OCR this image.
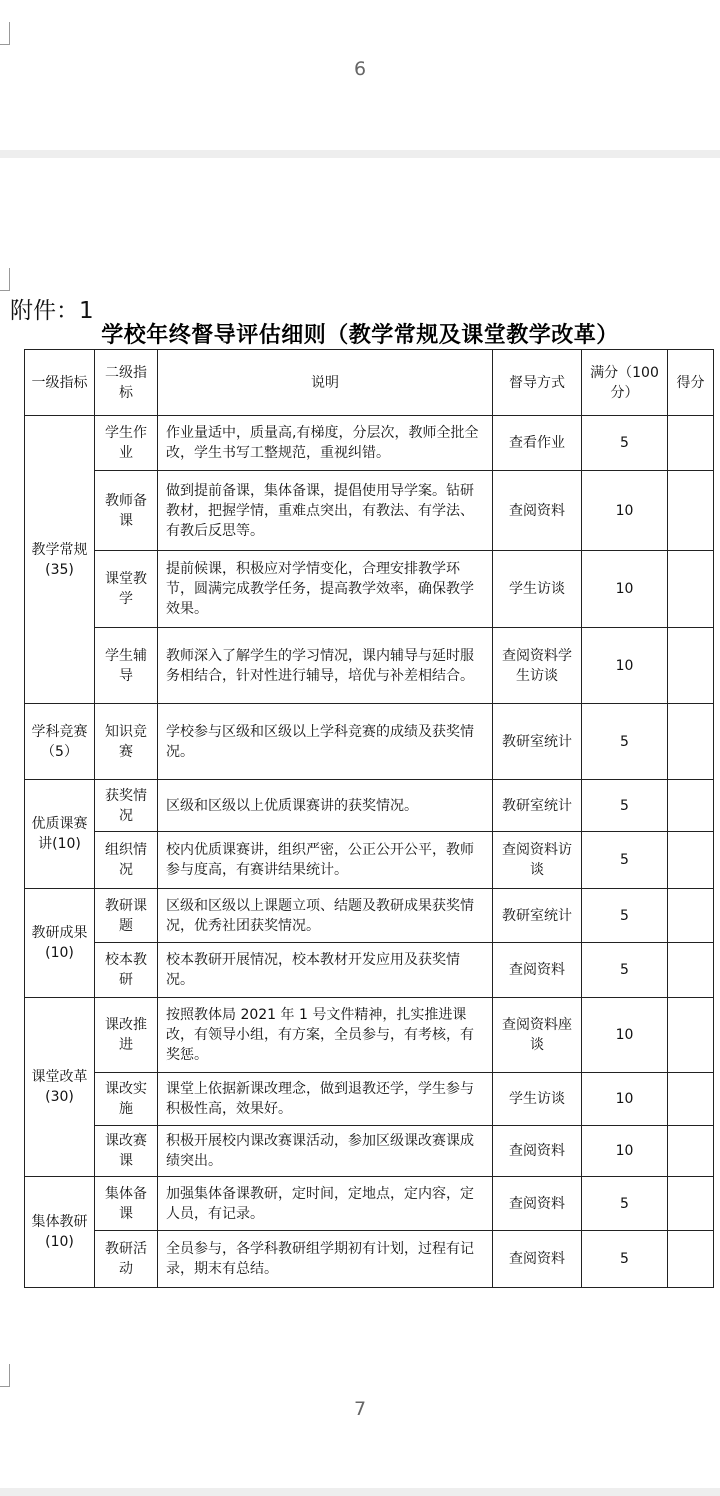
6
附件：1
学校年终督导评估细则（教学常规及课堂教学改革）
一级指标	二级指标	说明	督导方式	满分（100分）	得分
教学常规(35)	学生作业	作业量适中，质量高,有梯度，分层次，教师全批全改，学生书写工整规范，重视纠错。	查看作业	5	
	教师备课	做到提前备课，集体备课，提倡使用导学案。钻研教材，把握学情，重难点突出，有教法、有学法、有教后反思等。	查阅资料	10	
	课堂教学	提前候课，积极应对学情变化，合理安排教学环节，圆满完成教学任务，提高教学效率，确保教学效果。	学生访谈	10	
	学生辅导	教师深入了解学生的学习情况，课内辅导与延时服务相结合，针对性进行辅导，培优与补差相结合。	查阅资料学生访谈	10	
学科竞赛（5）	知识竞赛	学校参与区级和区级以上学科竞赛的成绩及获奖情况。	教研室统计	5	
优质课赛讲(10)	获奖情况	区级和区级以上优质课赛讲的获奖情况。	教研室统计	5	
	组织情况	校内优质课赛讲，组织严密，公正公开公平，教师参与度高，有赛讲结果统计。	查阅资料访谈	5	
教研成果(10)	教研课题	区级和区级以上课题立项、结题及教研成果获奖情况，优秀社团获奖情况。	教研室统计	5	
	校本教研	校本教研开展情况，校本教材开发应用及获奖情况。	查阅资料	5	
课堂改革(30)	课改推进	按照教体局 2021 年 1 号文件精神，扎实推进课改，有领导小组，有方案，全员参与，有考核，有奖惩。	查阅资料座谈	10	
	课改实施	课堂上依据新课改理念，做到退教还学，学生参与积极性高，效果好。	学生访谈	10	
	课改赛课	积极开展校内课改赛课活动，参加区级课改赛课成绩突出。	查阅资料	10	
集体教研(10)	集体备课	加强集体备课教研，定时间，定地点，定内容，定人员，有记录。	查阅资料	5	
	教研活动	全员参与，各学科教研组学期初有计划，过程有记录，期末有总结。	查阅资料	5	
7
